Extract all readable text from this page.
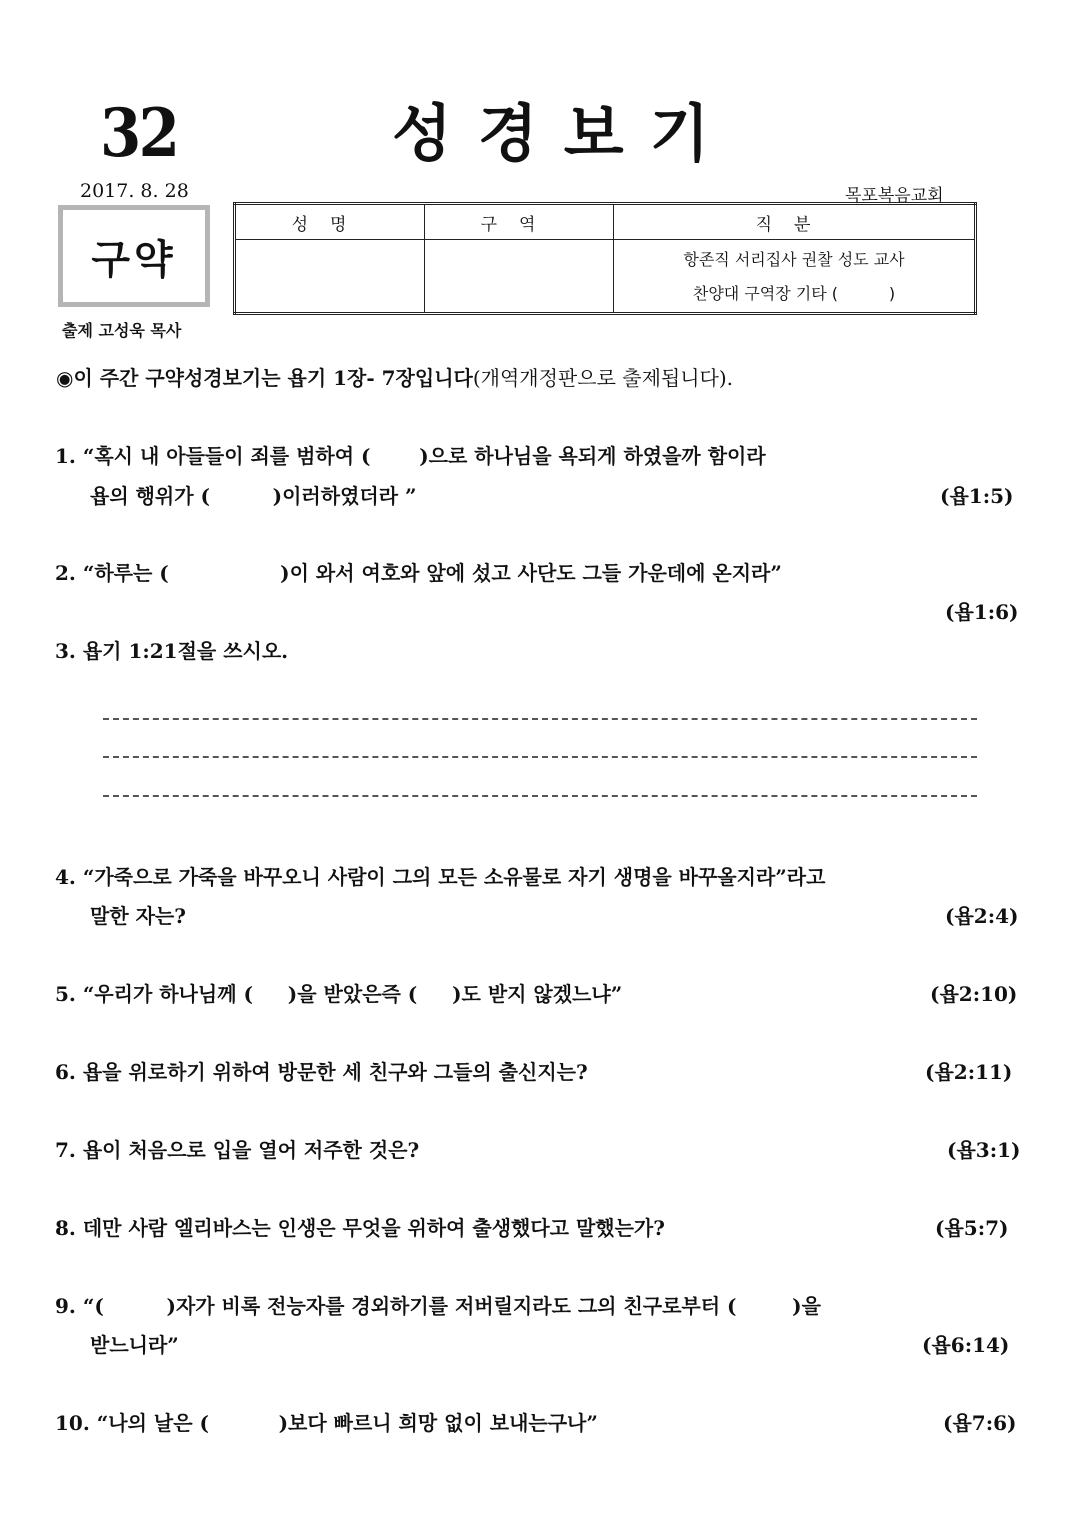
32	성경보기
2017. 8. 28	목포복음교회
구약
출제 고성욱 목사
성명	구역	직분

		항존직 서리집사 권찰 성도 교사
찬양대 구역장 기타 (          )
◉이 주간 구약성경보기는 욥기 1장- 7장입니다(개역개정판으로 출제됩니다).
1. “혹시 내 아들들이 죄를 범하여 (       )으로 하나님을 욕되게 하였을까 함이라
욥의 행위가 (         )이러하였더라 ”	(욥1:5)
2. “하루는 (                )이 와서 여호와 앞에 섰고 사단도 그들 가운데에 온지라”
(욥1:6)
3. 욥기 1:21절을 쓰시오.
4. “가죽으로 가죽을 바꾸오니 사람이 그의 모든 소유물로 자기 생명을 바꾸올지라”라고
말한 자는?	(욥2:4)
5. “우리가 하나님께 (     )을 받았은즉 (     )도 받지 않겠느냐”	(욥2:10)
6. 욥을 위로하기 위하여 방문한 세 친구와 그들의 출신지는?	(욥2:11)
7. 욥이 처음으로 입을 열어 저주한 것은?	(욥3:1)
8. 데만 사람 엘리바스는 인생은 무엇을 위하여 출생했다고 말했는가?	(욥5:7)
9. “(         )자가 비록 전능자를 경외하기를 저버릴지라도 그의 친구로부터 (        )을
받느니라”	(욥6:14)
10. “나의 날은 (          )보다 빠르니 희망 없이 보내는구나”	(욥7:6)
